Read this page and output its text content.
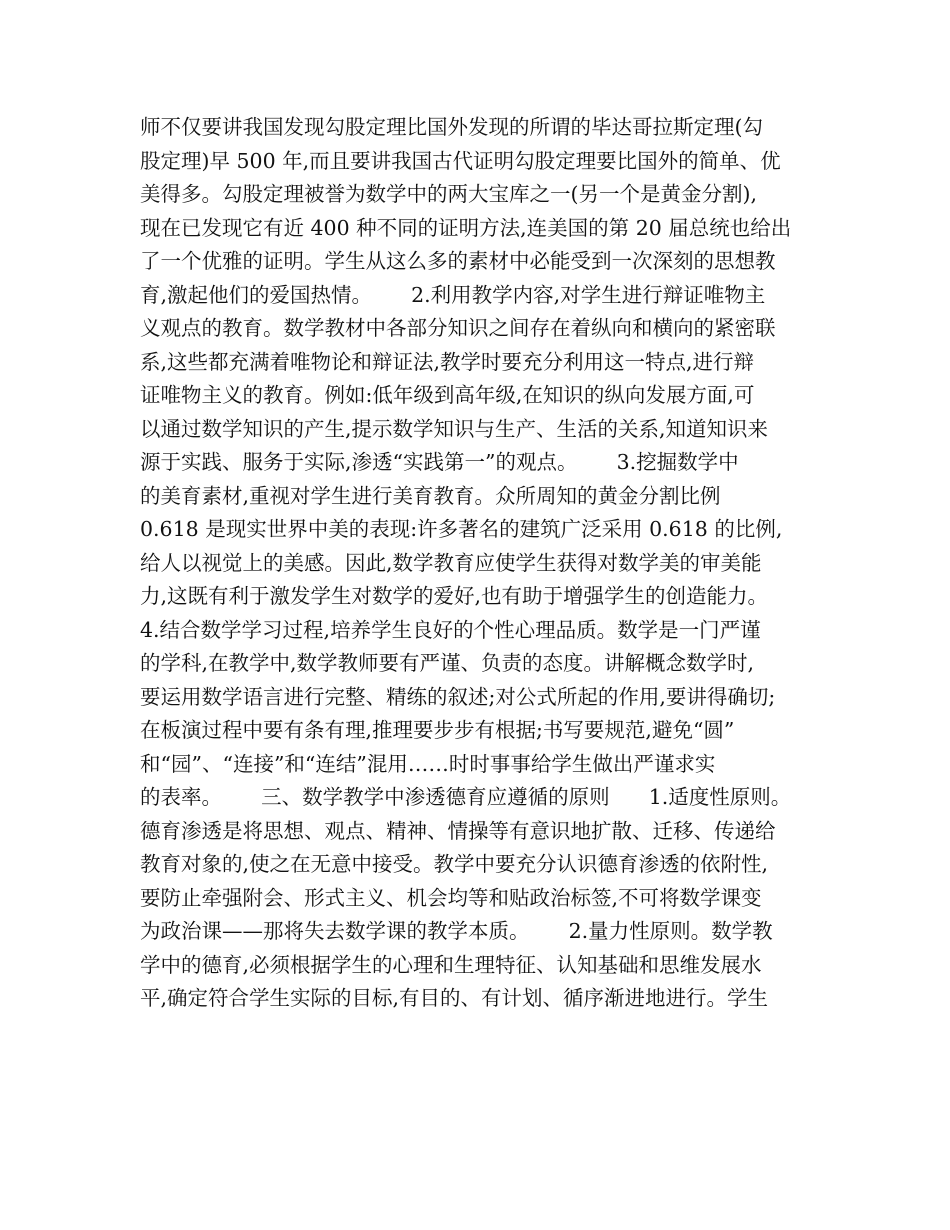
师不仅要讲我国发现勾股定理比国外发现的所谓的毕达哥拉斯定理(勾
股定理)早 500 年,而且要讲我国古代证明勾股定理要比国外的简单、优
美得多。勾股定理被誉为数学中的两大宝库之一(另一个是黄金分割),
现在已发现它有近 400 种不同的证明方法,连美国的第 20 届总统也给出
了一个优雅的证明。学生从这么多的素材中必能受到一次深刻的思想教
育,激起他们的爱国热情。      2.利用教学内容,对学生进行辩证唯物主
义观点的教育。数学教材中各部分知识之间存在着纵向和横向的紧密联
系,这些都充满着唯物论和辩证法,教学时要充分利用这一特点,进行辩
证唯物主义的教育。例如:低年级到高年级,在知识的纵向发展方面,可
以通过数学知识的产生,提示数学知识与生产、生活的关系,知道知识来
源于实践、服务于实际,渗透“实践第一”的观点。      3.挖掘数学中
的美育素材,重视对学生进行美育教育。众所周知的黄金分割比例
0.618 是现实世界中美的表现:许多著名的建筑广泛采用 0.618 的比例,
给人以视觉上的美感。因此,数学教育应使学生获得对数学美的审美能
力,这既有利于激发学生对数学的爱好,也有助于增强学生的创造能力。
4.结合数学学习过程,培养学生良好的个性心理品质。数学是一门严谨
的学科,在教学中,数学教师要有严谨、负责的态度。讲解概念数学时,
要运用数学语言进行完整、精练的叙述;对公式所起的作用,要讲得确切;
在板演过程中要有条有理,推理要步步有根据;书写要规范,避免“圆”
和“园”、“连接”和“连结”混用……时时事事给学生做出严谨求实
的表率。      三、数学教学中渗透德育应遵循的原则      1.适度性原则。
德育渗透是将思想、观点、精神、情操等有意识地扩散、迁移、传递给
教育对象的,使之在无意中接受。教学中要充分认识德育渗透的依附性,
要防止牵强附会、形式主义、机会均等和贴政治标签,不可将数学课变
为政治课——那将失去数学课的教学本质。      2.量力性原则。数学教
学中的德育,必须根据学生的心理和生理特征、认知基础和思维发展水
平,确定符合学生实际的目标,有目的、有计划、循序渐进地进行。学生
